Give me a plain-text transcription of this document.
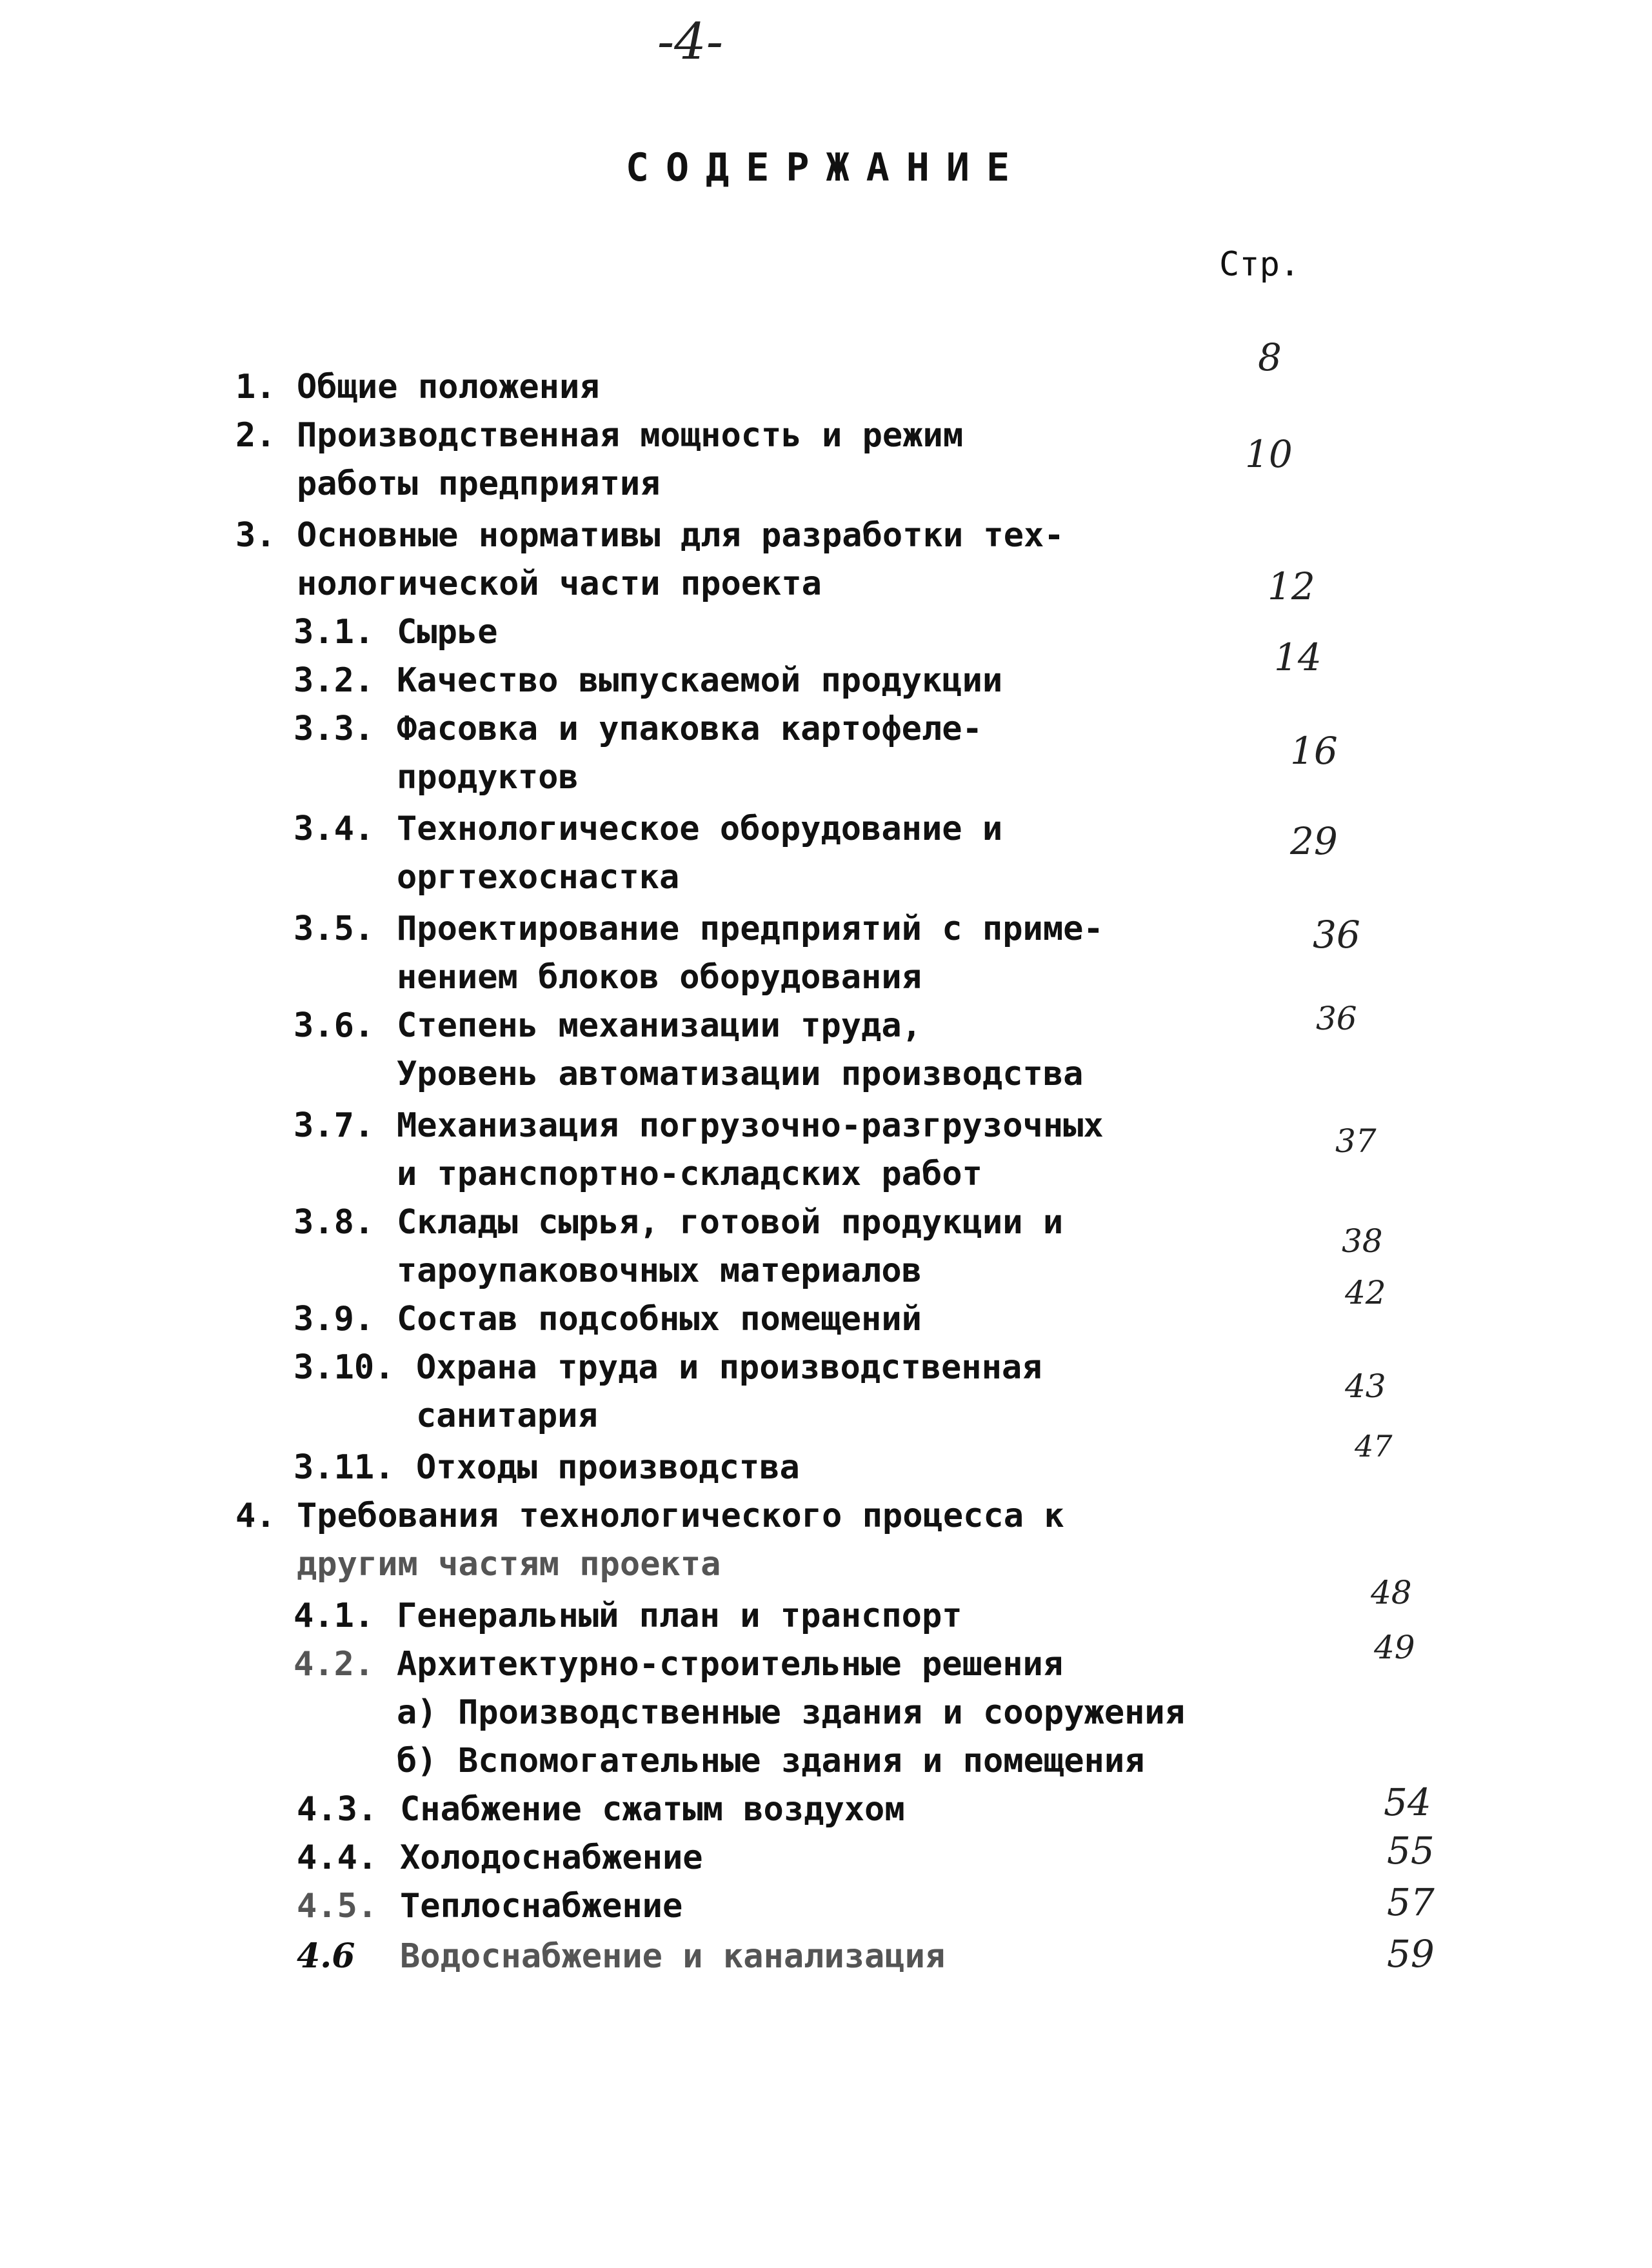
-4-
СОДЕРЖАНИЕ
Стр.
1. Общие положения
2. Производственная мощность и режим
работы предприятия
3. Основные нормативы для разработки тех-
нологической части проекта
3.1. Сырье
3.2. Качество выпускаемой продукции
3.3. Фасовка и упаковка картофеле-
продуктов
3.4. Технологическое оборудование и
оргтехоснастка
3.5. Проектирование предприятий с приме-
нением блоков оборудования
3.6. Степень механизации труда,
Уровень автоматизации производства
3.7. Механизация погрузочно-разгрузочных
и транспортно-складских работ
3.8. Склады сырья, готовой продукции и
тароупаковочных материалов
3.9. Состав подсобных помещений
3.10. Охрана труда и производственная
санитария
3.11. Отходы производства
4. Требования технологического процесса к
другим частям проекта
4.1. Генеральный план и транспорт
4.2. Архитектурно-строительные решения
а) Производственные здания и сооружения
б) Вспомогательные здания и помещения
4.3. Снабжение сжатым воздухом
4.4. Холодоснабжение
4.5. Теплоснабжение
4.6 Водоснабжение и канализация
8
10
12
14
16
29
36
36
37
38
42
43
47
48
49
54
55
57
59
